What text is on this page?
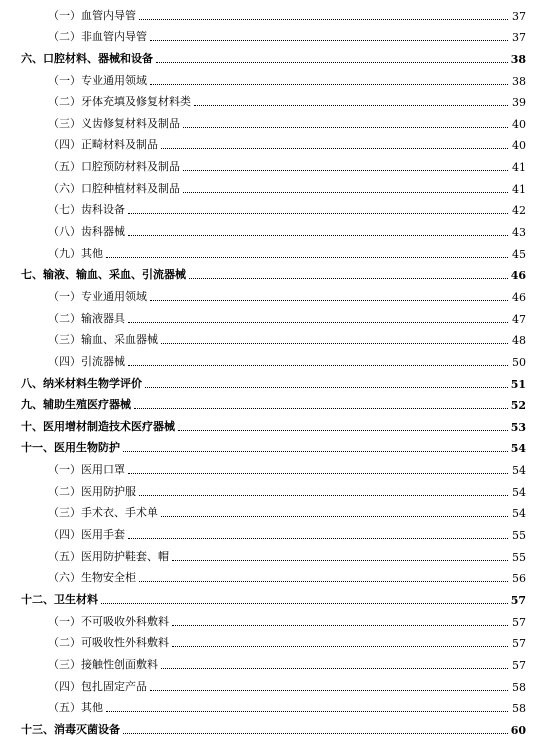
（一）血管内导管	37
（二）非血管内导管	37
六、口腔材料、器械和设备	38
（一）专业通用领域	38
（二）牙体充填及修复材料类	39
（三）义齿修复材料及制品	40
（四）正畸材料及制品	40
（五）口腔预防材料及制品	41
（六）口腔种植材料及制品	41
（七）齿科设备	42
（八）齿科器械	43
（九）其他	45
七、输液、输血、采血、引流器械	46
（一）专业通用领域	46
（二）输液器具	47
（三）输血、采血器械	48
（四）引流器械	50
八、纳米材料生物学评价	51
九、辅助生殖医疗器械	52
十、医用增材制造技术医疗器械	53
十一、医用生物防护	54
（一）医用口罩	54
（二）医用防护服	54
（三）手术衣、手术单	54
（四）医用手套	55
（五）医用防护鞋套、帽	55
（六）生物安全柜	56
十二、卫生材料	57
（一）不可吸收外科敷料	57
（二）可吸收性外科敷料	57
（三）接触性创面敷料	57
（四）包扎固定产品	58
（五）其他	58
十三、消毒灭菌设备	60
